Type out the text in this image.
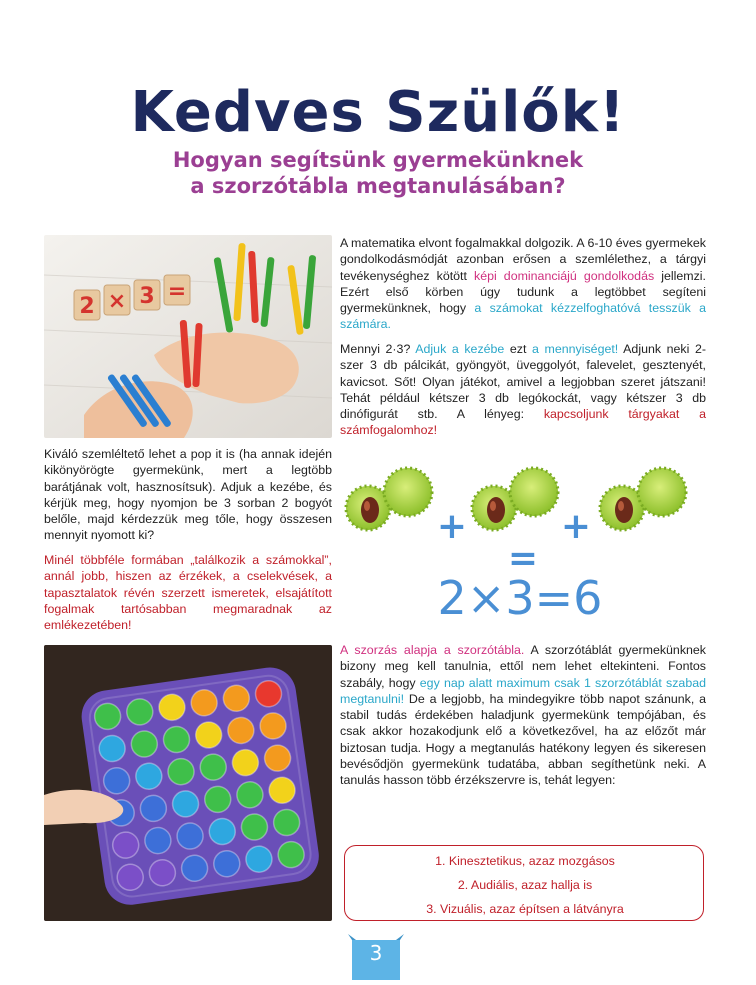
Kedves Szülők!
Hogyan segítsünk gyermekünknek
a szorzótábla megtanulásában?
2 × 3 =
A matematika elvont fogalmakkal dolgozik. A 6-10 éves gyermekek gondolkodásmódját azonban erősen a szemlélethez, a tárgyi tevékenységhez kötött képi dominanciájú gondolkodás jellemzi. Ezért első körben úgy tudunk a legtöbbet segíteni gyermekünknek, hogy a számokat kézzelfoghatóvá tesszük a számára.
Mennyi 2·3? Adjuk a kezébe ezt a mennyiséget! Adjunk neki 2-szer 3 db pálcikát, gyöngyöt, üveggolyót, falevelet, gesztenyét, kavicsot. Sőt! Olyan játékot, amivel a legjobban szeret játszani! Tehát például kétszer 3 db legókockát, vagy kétszer 3 db dinófigurát stb. A lényeg: kapcsoljunk tárgyakat a számfogalomhoz!
Kiváló szemléltető lehet a pop it is (ha annak idején kikönyörögte gyermekünk, mert a legtöbb barátjának volt, hasznosítsuk). Adjuk a kezébe, és kérjük meg, hogy nyomjon be 3 sorban 2 bogyót belőle, majd kérdezzük meg tőle, hogy összesen mennyit nyomott ki?
Minél többféle formában „találkozik a számokkal”, annál jobb, hiszen az érzékek, a cselekvések, a tapasztalatok révén szerzett ismeretek, elsajátított fogalmak tartósabban megmaradnak az emlékezetében!
+	+
=
2×3=6
A szorzás alapja a szorzótábla. A szorzótáblát gyermekünknek bizony meg kell tanulnia, ettől nem lehet eltekinteni. Fontos szabály, hogy egy nap alatt maximum csak 1 szorzótáblát szabad megtanulni! De a legjobb, ha mindegyikre több napot szánunk, a stabil tudás érdekében haladjunk gyermekünk tempójában, és csak akkor hozakodjunk elő a következővel, ha az előzőt már biztosan tudja. Hogy a megtanulás hatékony legyen és sikeresen bevésődjön gyermekünk tudatába, abban segíthetünk neki. A tanulás hasson több érzékszervre is, tehát legyen:
1. Kinesztetikus, azaz mozgásos
2. Audiális, azaz hallja is
3. Vizuális, azaz építsen a látványra
3
